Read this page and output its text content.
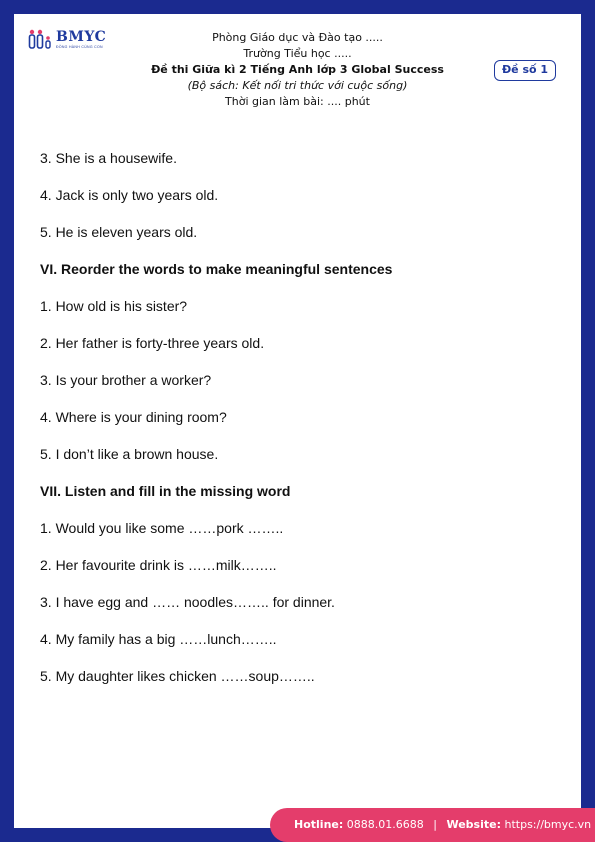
BMYC
ĐỒNG HÀNH CÙNG CON
Phòng Giáo dục và Đào tạo .....
Trường Tiểu học .....
Đề thi Giữa kì 2 Tiếng Anh lớp 3 Global Success
(Bộ sách: Kết nối tri thức với cuộc sống)
Thời gian làm bài: .... phút
Đề số 1
3. She is a housewife.
4. Jack is only two years old.
5. He is eleven years old.
VI. Reorder the words to make meaningful sentences
1. How old is his sister?
2. Her father is forty-three years old.
3. Is your brother a worker?
4. Where is your dining room?
5. I don’t like a brown house.
VII. Listen and fill in the missing word
1. Would you like some ……pork ……..
2. Her favourite drink is ……milk……..
3. I have egg and …… noodles…….. for dinner.
4. My family has a big ……lunch……..
5. My daughter likes chicken ……soup……..
Hotline: 0888.01.6688 | Website: https://bmyc.vn
